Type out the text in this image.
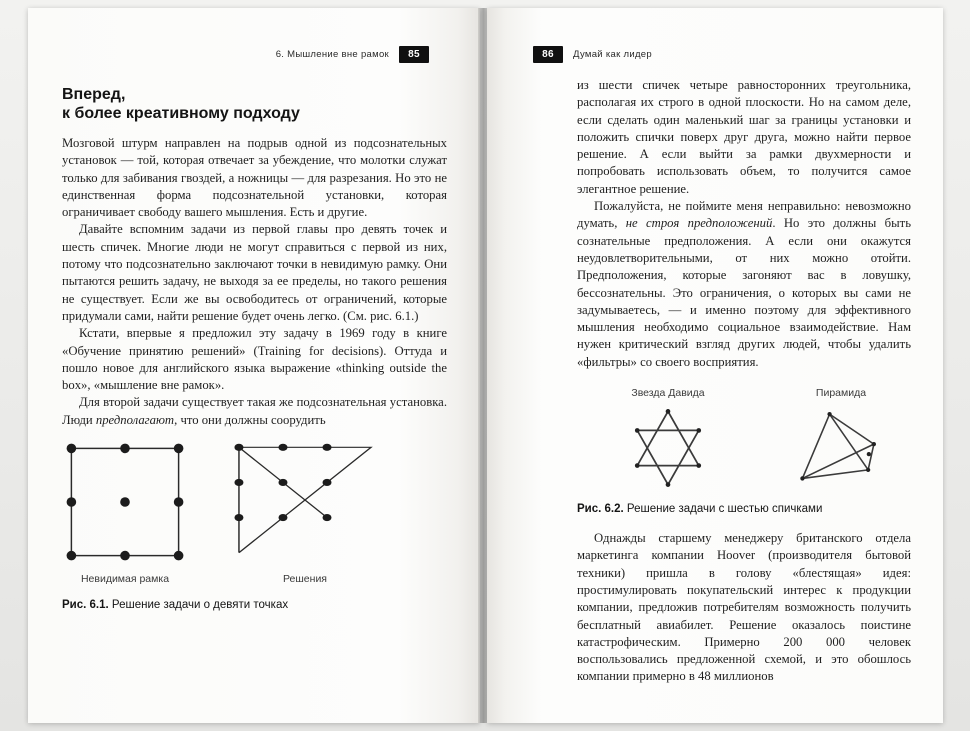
6. Мышление вне рамок	85
Вперед,
к более креативному подходу

Мозговой штурм направлен на подрыв одной из подсознательных установок — той, которая отвечает за убеждение, что молотки служат только для забивания гвоздей, а ножницы — для разрезания. Но это не единственная форма подсознательной установки, которая ограничивает свободу вашего мышления. Есть и другие.

Давайте вспомним задачи из первой главы про девять точек и шесть спичек. Многие люди не могут справиться с первой из них, потому что подсознательно заключают точки в невидимую рамку. Они пытаются решить задачу, не выходя за ее пределы, но такого решения не существует. Если же вы освободитесь от ограничений, которые придумали сами, найти решение будет очень легко. (См. рис. 6.1.)

Кстати, впервые я предложил эту задачу в 1969 году в книге «Обучение принятию решений» (Training for decisions). Оттуда и пошло новое для английского языка выражение «thinking outside the box», «мышление вне рамок».

Для второй задачи существует такая же подсознательная установка. Люди предполагают, что они должны соорудить

Невидимая рамка	Решения
Рис. 6.1. Решение задачи о девяти точках
86	Думай как лидер

из шести спичек четыре равносторонних треугольника, располагая их строго в одной плоскости. Но на самом деле, если сделать один маленький шаг за границы установки и положить спички поверх друг друга, можно найти первое решение. А если выйти за рамки двухмерности и попробовать использовать объем, то получится самое элегантное решение.

Пожалуйста, не поймите меня неправильно: невозможно думать, не строя предположений. Но это должны быть сознательные предположения. А если они окажутся неудовлетворительными, от них можно отойти. Предположения, которые загоняют вас в ловушку, бессознательны. Это ограничения, о которых вы сами не задумываетесь, — и именно поэтому для эффективного мышления необходимо социальное взаимодействие. Нам нужен критический взгляд других людей, чтобы удалить «фильтры» со своего восприятия.

Звезда Давида	Пирамида
Рис. 6.2. Решение задачи с шестью спичками

Однажды старшему менеджеру британского отдела маркетинга компании Hoover (производителя бытовой техники) пришла в голову «блестящая» идея: простимулировать покупательский интерес к продукции компании, предложив потребителям возможность получить бесплатный авиабилет. Решение оказалось поистине катастрофическим. Примерно 200 000 человек воспользовались предложенной схемой, и это обошлось компании примерно в 48 миллионов
